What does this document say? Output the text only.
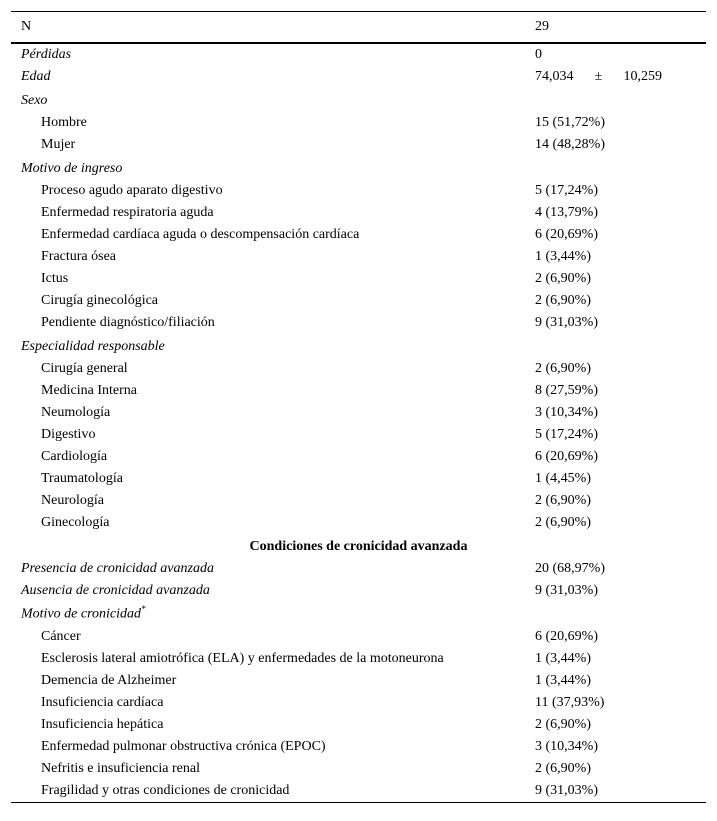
N	29
Pérdidas	0
Edad	74,034 ± 10,259
Sexo
Hombre	15 (51,72%)
Mujer	14 (48,28%)
Motivo de ingreso
Proceso agudo aparato digestivo	5 (17,24%)
Enfermedad respiratoria aguda	4 (13,79%)
Enfermedad cardíaca aguda o descompensación cardíaca	6 (20,69%)
Fractura ósea	1 (3,44%)
Ictus	2 (6,90%)
Cirugía ginecológica	2 (6,90%)
Pendiente diagnóstico/filiación	9 (31,03%)
Especialidad responsable
Cirugía general	2 (6,90%)
Medicina Interna	8 (27,59%)
Neumología	3 (10,34%)
Digestivo	5 (17,24%)
Cardiología	6 (20,69%)
Traumatología	1 (4,45%)
Neurología	2 (6,90%)
Ginecología	2 (6,90%)
Condiciones de cronicidad avanzada
Presencia de cronicidad avanzada	20 (68,97%)
Ausencia de cronicidad avanzada	9 (31,03%)
Motivo de cronicidad*
Cáncer	6 (20,69%)
Esclerosis lateral amiotrófica (ELA) y enfermedades de la motoneurona	1 (3,44%)
Demencia de Alzheimer	1 (3,44%)
Insuficiencia cardíaca	11 (37,93%)
Insuficiencia hepática	2 (6,90%)
Enfermedad pulmonar obstructiva crónica (EPOC)	3 (10,34%)
Nefritis e insuficiencia renal	2 (6,90%)
Fragilidad y otras condiciones de cronicidad	9 (31,03%)
